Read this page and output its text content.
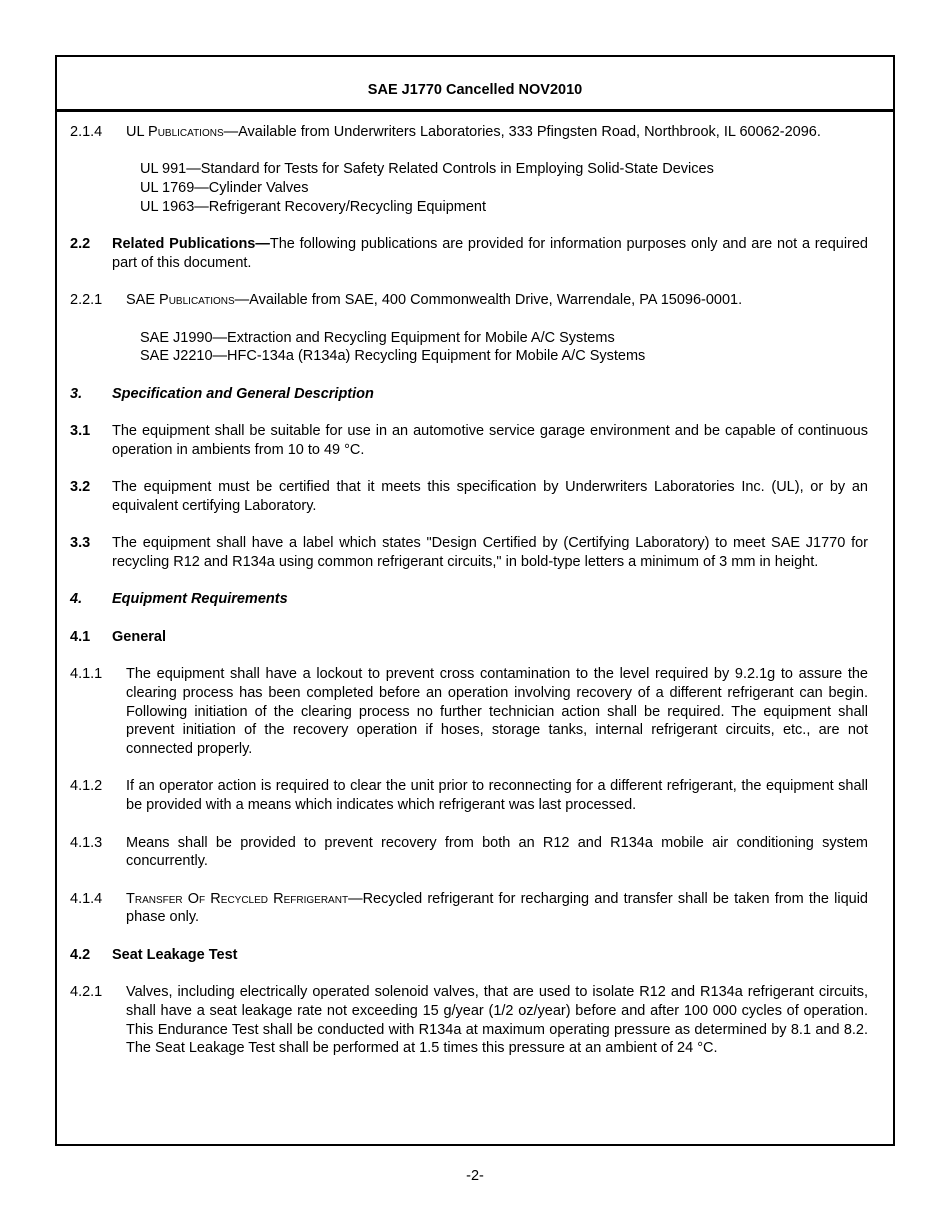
SAE J1770 Cancelled NOV2010
2.1.4	UL Publications—Available from Underwriters Laboratories, 333 Pfingsten Road, Northbrook, IL 60062-2096.
UL 991—Standard for Tests for Safety Related Controls in Employing Solid-State Devices
UL 1769—Cylinder Valves
UL 1963—Refrigerant Recovery/Recycling Equipment
2.2	Related Publications—The following publications are provided for information purposes only and are not a required part of this document.
2.2.1	SAE Publications—Available from SAE, 400 Commonwealth Drive, Warrendale, PA 15096-0001.
SAE J1990—Extraction and Recycling Equipment for Mobile A/C Systems
SAE J2210—HFC-134a (R134a) Recycling Equipment for Mobile A/C Systems
3.	Specification and General Description
3.1	The equipment shall be suitable for use in an automotive service garage environment and be capable of continuous operation in ambients from 10 to 49 °C.
3.2	The equipment must be certified that it meets this specification by Underwriters Laboratories Inc. (UL), or by an equivalent certifying Laboratory.
3.3	The equipment shall have a label which states "Design Certified by (Certifying Laboratory) to meet SAE J1770 for recycling R12 and R134a using common refrigerant circuits," in bold-type letters a minimum of 3 mm in height.
4.	Equipment Requirements
4.1	General
4.1.1	The equipment shall have a lockout to prevent cross contamination to the level required by 9.2.1g to assure the clearing process has been completed before an operation involving recovery of a different refrigerant can begin. Following initiation of the clearing process no further technician action shall be required. The equipment shall prevent initiation of the recovery operation if hoses, storage tanks, internal refrigerant circuits, etc., are not connected properly.
4.1.2	If an operator action is required to clear the unit prior to reconnecting for a different refrigerant, the equipment shall be provided with a means which indicates which refrigerant was last processed.
4.1.3	Means shall be provided to prevent recovery from both an R12 and R134a mobile air conditioning system concurrently.
4.1.4	Transfer Of Recycled Refrigerant—Recycled refrigerant for recharging and transfer shall be taken from the liquid phase only.
4.2	Seat Leakage Test
4.2.1	Valves, including electrically operated solenoid valves, that are used to isolate R12 and R134a refrigerant circuits, shall have a seat leakage rate not exceeding 15 g/year (1/2 oz/year) before and after 100 000 cycles of operation. This Endurance Test shall be conducted with R134a at maximum operating pressure as determined by 8.1 and 8.2. The Seat Leakage Test shall be performed at 1.5 times this pressure at an ambient of 24 °C.
-2-
